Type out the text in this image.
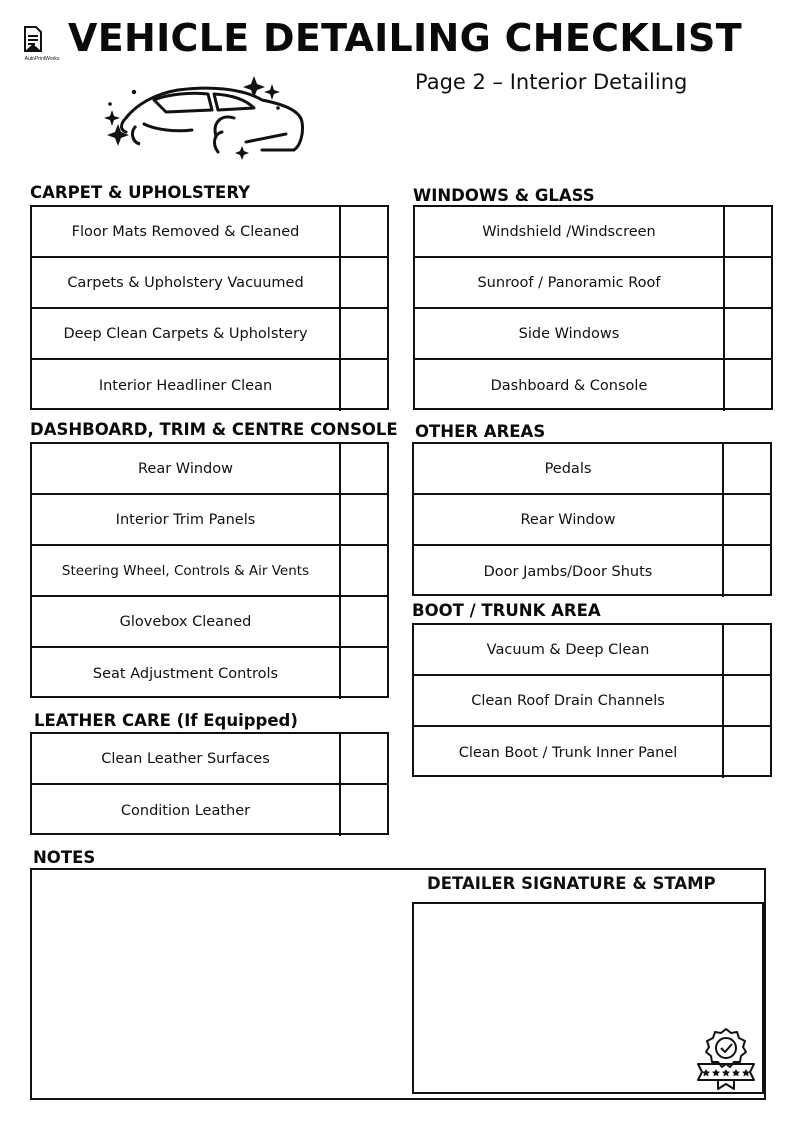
AutoPrintWorks VEHICLE DETAILING CHECKLIST
Page 2 – Interior Detailing
CARPET & UPHOLSTERY
Floor Mats Removed & Cleaned
Carpets & Upholstery Vacuumed
Deep Clean Carpets & Upholstery
Interior Headliner Clean
WINDOWS & GLASS
Windshield /Windscreen
Sunroof / Panoramic Roof
Side Windows
Dashboard & Console
DASHBOARD, TRIM & CENTRE CONSOLE
Rear Window
Interior Trim Panels
Steering Wheel, Controls & Air Vents
Glovebox Cleaned
Seat Adjustment Controls
OTHER AREAS
Pedals
Rear Window
Door Jambs/Door Shuts
BOOT / TRUNK AREA
Vacuum & Deep Clean
Clean Roof Drain Channels
Clean Boot / Trunk Inner Panel
LEATHER CARE (If Equipped)
Clean Leather Surfaces
Condition Leather
NOTES
DETAILER SIGNATURE & STAMP
